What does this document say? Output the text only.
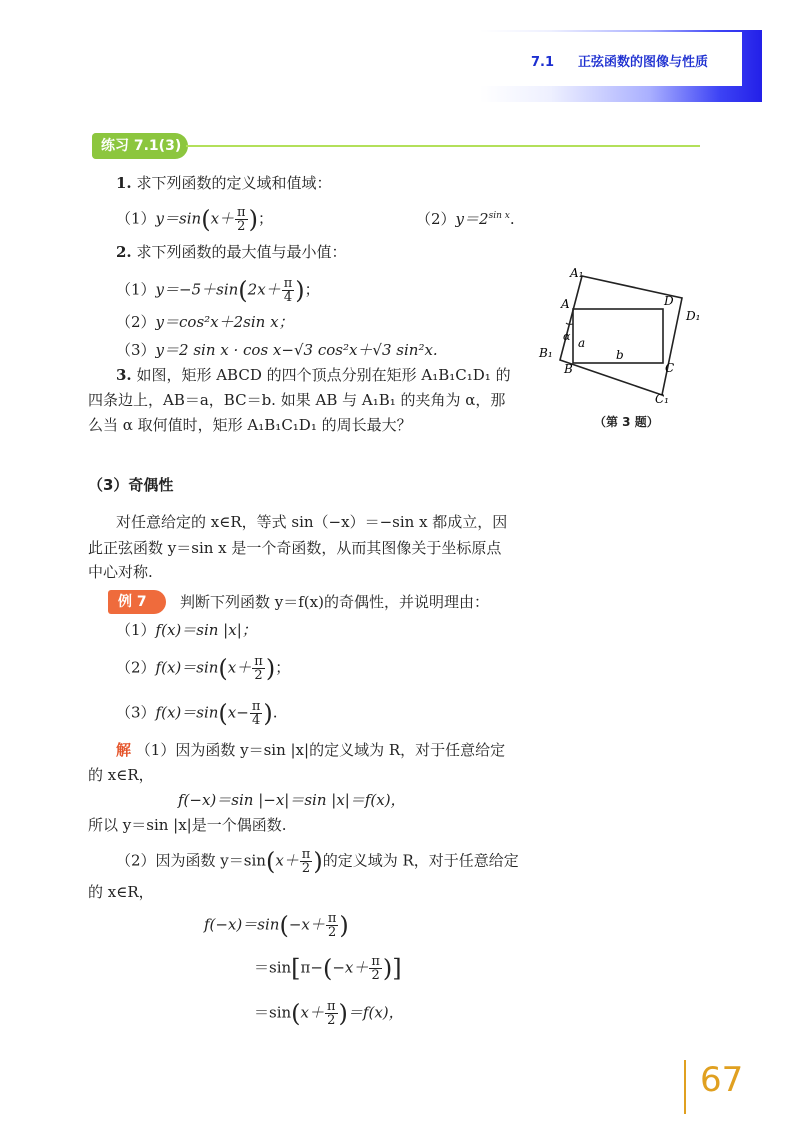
7.1 正弦函数的图像与性质
练习 7.1(3)
1. 求下列函数的定义域和值域：
$(1)y=\sin(x+ \frac{\pi}{2}$ )；	$(2)y=2^{sin x}$.
2. 求下列函数的最大值与最小值：
$(1)y=-5+\sin(2x+ \frac{\pi}{4}$ )；
（2）y＝cos²x＋2sin x；
（3）y＝2 sin x · cos x−√3 cos²x＋√3 sin²x.
3. 如图，矩形 ABCD 的四个顶点分别在矩形 A₁B₁C₁D₁ 的
四条边上，AB＝a，BC＝b. 如果 AB 与 A₁B₁ 的夹角为 α，那
么当 α 取何值时，矩形 A₁B₁C₁D₁ 的周长最大？
A₁
A	D
D₁
B₁
B	C
C₁
a
b
α
（第 3 题）
（3）奇偶性
对任意给定的 x∈R，等式 sin（−x）＝−sin x 都成立，因
此正弦函数 y＝sin x 是一个奇函数，从而其图像关于坐标原点
中心对称.
例 7	判断下列函数 y＝f(x)的奇偶性，并说明理由：
（1）f(x)＝sin |x|；
$(2)f(x)=\sin(x+ \frac{\pi}{2}$ )；
$(3)f(x)=\sin(x- \frac{\pi}{4}$ ).
解 （1）因为函数 y＝sin |x|的定义域为 R，对于任意给定
的 x∈R，
f(−x)＝sin |−x|＝sin |x|＝f(x)，
所以 y＝sin |x|是一个偶函数.
（2）因为函数 $y=\sin(x+ \frac{\pi}{2}$ )的定义域为 R，对于任意给定
的 x∈R，
$f(-x)=\sin(-x+ \frac{\pi}{2}$ )
$=\sin[\pi-(-x+ \frac{\pi}{2}$ )]
$=\sin(x+ \frac{\pi}{2} )=f(x)$，
67
